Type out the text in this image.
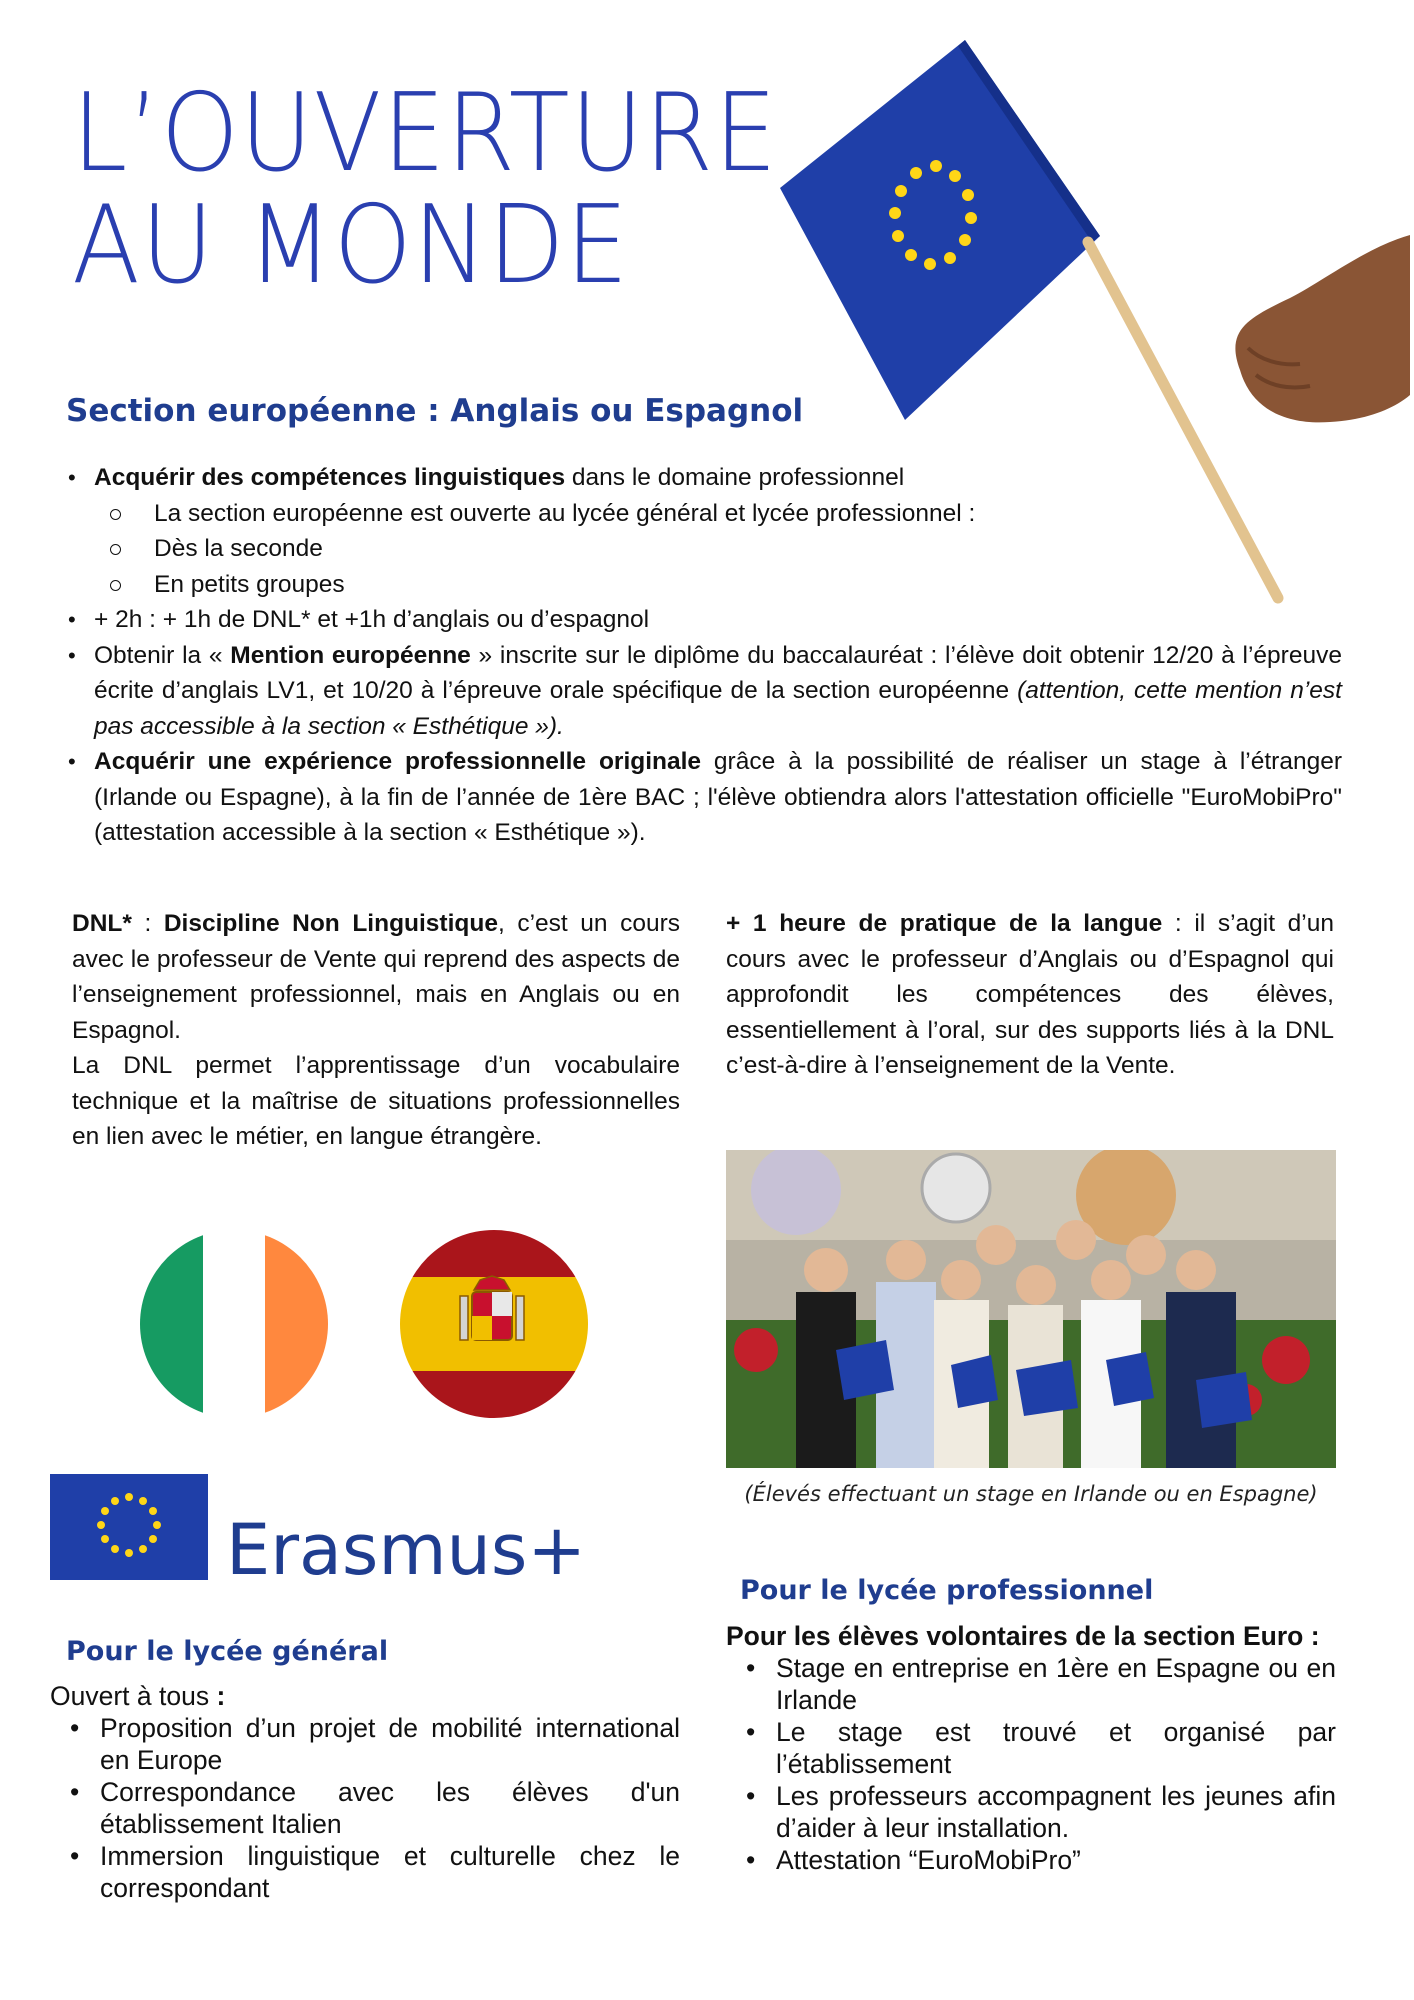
L’OUVERTURE
AU MONDE
Section européenne : Anglais ou Espagnol
• Acquérir des compétences linguistiques dans le domaine professionnel
La section européenne est ouverte au lycée général et lycée professionnel :
Dès la seconde
En petits groupes
• + 2h : + 1h de DNL* et +1h d’anglais ou d’espagnol
• Obtenir la « Mention européenne » inscrite sur le diplôme du baccalauréat : l’élève doit obtenir 12/20 à l’épreuve écrite d’anglais LV1, et 10/20 à l’épreuve orale spécifique de la section européenne (attention, cette mention n’est pas accessible à la section « Esthétique »).
• Acquérir une expérience professionnelle originale grâce à la possibilité de réaliser un stage à l’étranger (Irlande ou Espagne), à la fin de l’année de 1ère BAC ; l'élève obtiendra alors l'attestation officielle "EuroMobiPro" (attestation accessible à la section « Esthétique »).
DNL* : Discipline Non Linguistique, c’est un cours avec le professeur de Vente qui reprend des aspects de l’enseignement professionnel, mais en Anglais ou en Espagnol.
La DNL permet l’apprentissage d’un vocabulaire technique et la maîtrise de situations professionnelles en lien avec le métier, en langue étrangère.
+ 1 heure de pratique de la langue : il s’agit d’un cours avec le professeur d’Anglais ou d’Espagnol qui approfondit les compétences des élèves, essentiellement à l’oral, sur des supports liés à la DNL c’est-à-dire à l’enseignement de la Vente.
(Élevés effectuant un stage en Irlande ou en Espagne)
Erasmus+	Pour le lycée professionnel
Pour les élèves volontaires de la section Euro :
• Stage en entreprise en 1ère en Espagne ou en Irlande
• Le stage est trouvé et organisé par l’établissement
• Les professeurs accompagnent les jeunes afin d’aider à leur installation.
• Attestation “EuroMobiPro”
Pour le lycée général
Ouvert à tous :
• Proposition d’un projet de mobilité international en Europe
• Correspondance avec les élèves d'un établissement Italien
• Immersion linguistique et culturelle chez le correspondant
